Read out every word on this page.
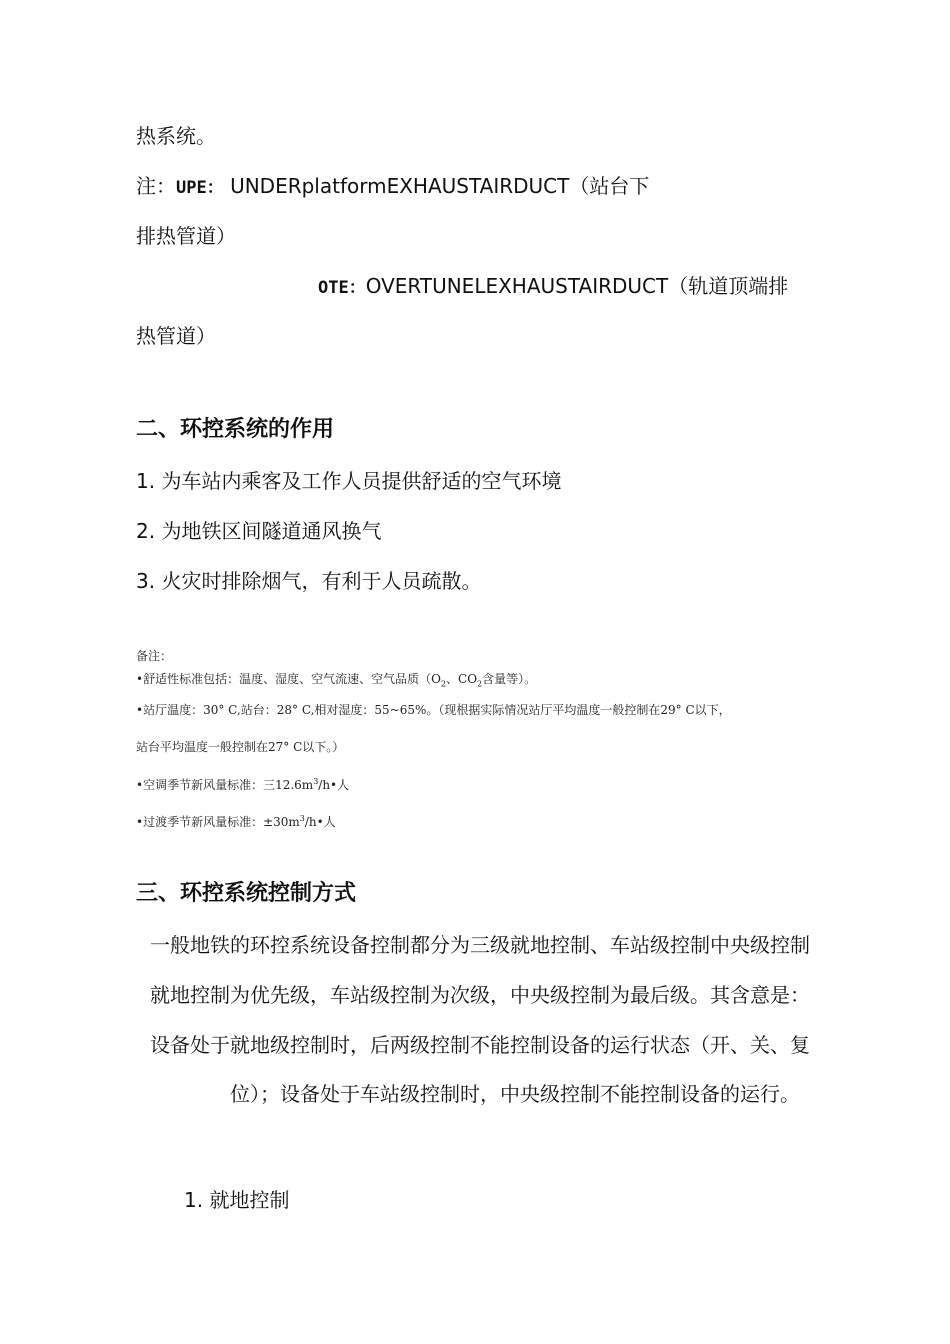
热系统。
注：UPE： UNDERplatformEXHAUSTAIRDUCT（站台下
排热管道）
OTE：OVERTUNELEXHAUSTAIRDUCT（轨道顶端排
热管道）
二、环控系统的作用
1. 为车站内乘客及工作人员提供舒适的空气环境
2. 为地铁区间隧道通风换气
3. 火灾时排除烟气，有利于人员疏散。
备注：
•舒适性标准包括：温度、湿度、空气流速、空气品质（$O_2$、$CO_2$含量等）。
•站厅温度：30° C,站台：28° C,相对湿度：55~65%。（现根据实际情况站厅平均温度一般控制在29° C以下，
站台平均温度一般控制在27° C以下。）
•空调季节新风量标准：三$12.6m^3/h•$人
•过渡季节新风量标准：$\pm 30m^3/h•$人
三、环控系统控制方式
一般地铁的环控系统设备控制都分为三级就地控制、车站级控制中央级控制
就地控制为优先级，车站级控制为次级，中央级控制为最后级。其含意是：
设备处于就地级控制时，后两级控制不能控制设备的运行状态（开、关、复
位）；设备处于车站级控制时，中央级控制不能控制设备的运行。
1. 就地控制
